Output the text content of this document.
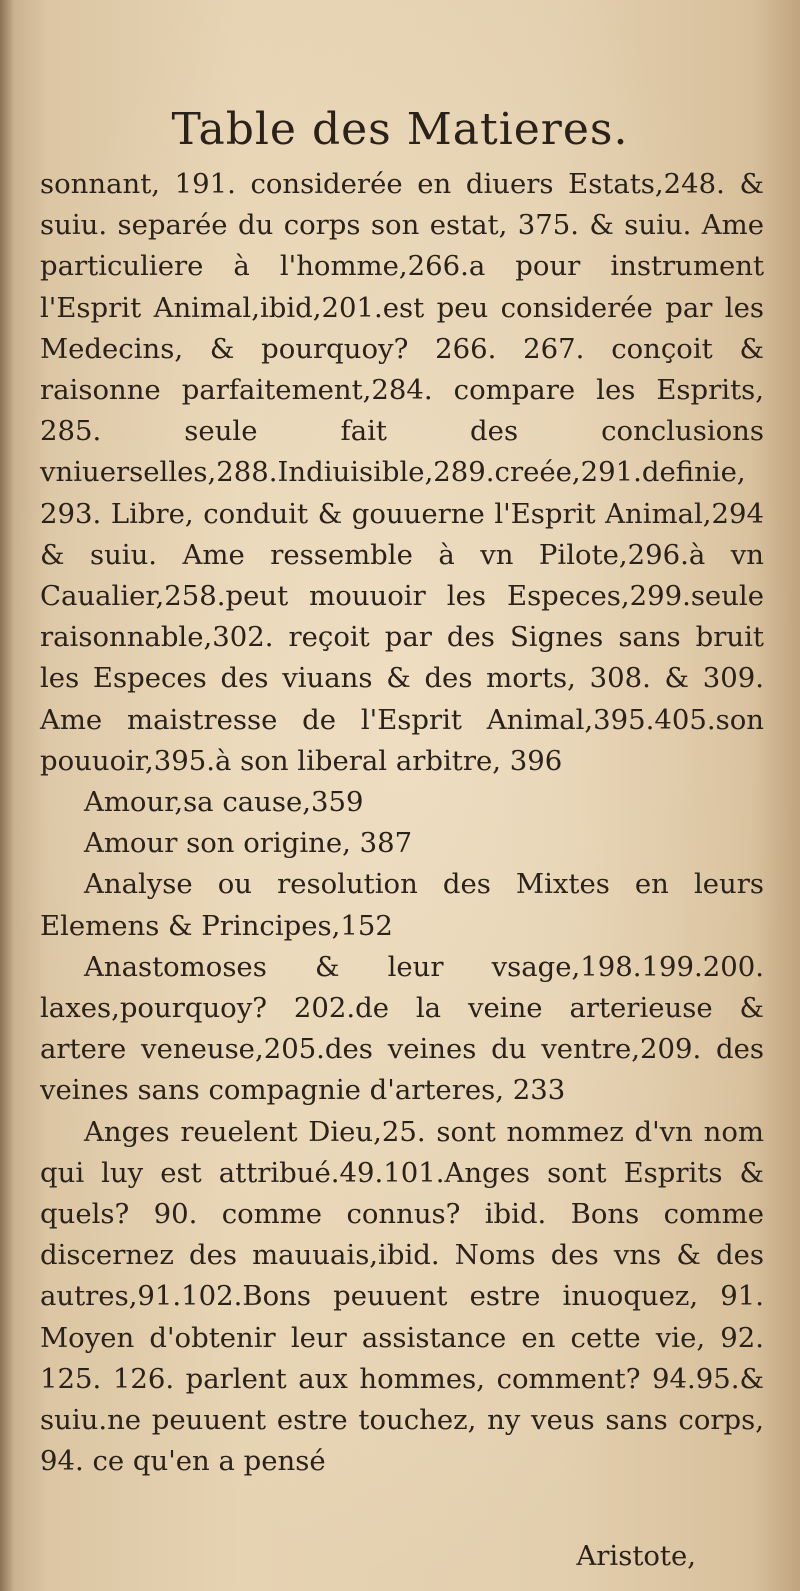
Table des Matieres.

sonnant, 191. considerée en diuers Estats,248. & suiu. separée du corps son estat, 375. & suiu. Ame particuliere à l'homme,266.a pour instrument l'Esprit Animal,ibid,201.est peu considerée par les Medecins, & pourquoy? 266. 267. conçoit & raisonne parfaitement,284. compare les Esprits, 285. seule fait des conclusions vniuerselles,288.Indiuisible,289.creée,291.definie, 293. Libre, conduit & gouuerne l'Esprit Animal,294 & suiu. Ame ressemble à vn Pilote,296.à vn Caualier,258.peut mouuoir les Especes,299.seule raisonnable,302. reçoit par des Signes sans bruit les Especes des viuans & des morts, 308. & 309. Ame maistresse de l'Esprit Animal,395.405.son pouuoir,395.à son liberal arbitre, 396

Amour,sa cause,359

Amour son origine, 387

Analyse ou resolution des Mixtes en leurs Elemens & Principes,152

Anastomoses & leur vsage,198.199.200. laxes,pourquoy? 202.de la veine arterieuse & artere veneuse,205.des veines du ventre,209. des veines sans compagnie d'arteres, 233

Anges reuelent Dieu,25. sont nommez d'vn nom qui luy est attribué.49.101.Anges sont Esprits & quels? 90. comme connus? ibid. Bons comme discernez des mauuais,ibid. Noms des vns & des autres,91.102.Bons peuuent estre inuoquez, 91. Moyen d'obtenir leur assistance en cette vie, 92. 125. 126. parlent aux hommes, comment? 94.95.& suiu.ne peuuent estre touchez, ny veus sans corps, 94. ce qu'en a pensé

Aristote,
